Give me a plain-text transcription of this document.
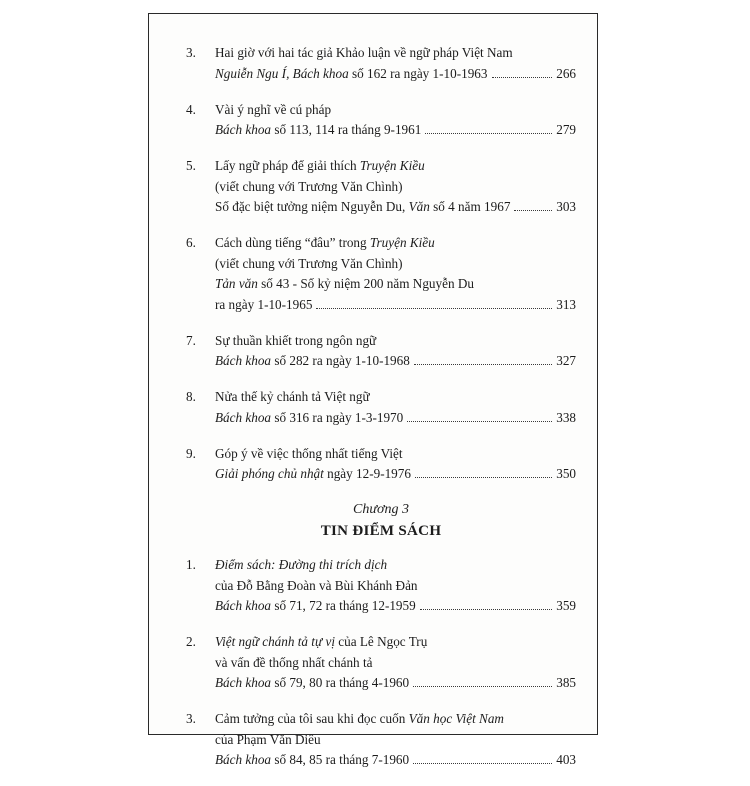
3. Hai giờ với hai tác giả Khảo luận về ngữ pháp Việt Nam
Nguiễn Ngu Í, Bách khoa số 162 ra ngày 1-10-1963	266
4. Vài ý nghĩ về cú pháp
Bách khoa số 113, 114 ra tháng 9-1961	279
5. Lấy ngữ pháp để giải thích Truyện Kiều
(viết chung với Trương Văn Chình)
Số đặc biệt tưởng niệm Nguyễn Du, Văn số 4 năm 1967	303
6. Cách dùng tiếng “đâu” trong Truyện Kiều
(viết chung với Trương Văn Chình)
Tản văn số 43 - Số kỷ niệm 200 năm Nguyễn Du
ra ngày 1-10-1965	313
7. Sự thuần khiết trong ngôn ngữ
Bách khoa số 282 ra ngày 1-10-1968	327
8. Nửa thế kỷ chánh tả Việt ngữ
Bách khoa số 316 ra ngày 1-3-1970	338
9. Góp ý về việc thống nhất tiếng Việt
Giải phóng chủ nhật ngày 12-9-1976	350
Chương 3
TIN ĐIỂM SÁCH
1. Điểm sách: Đường thi trích dịch
của Đỗ Bằng Đoàn và Bùi Khánh Đản
Bách khoa số 71, 72 ra tháng 12-1959	359
2. Việt ngữ chánh tả tự vị của Lê Ngọc Trụ
và vấn đề thống nhất chánh tả
Bách khoa số 79, 80 ra tháng 4-1960	385
3. Cảm tưởng của tôi sau khi đọc cuốn Văn học Việt Nam
của Phạm Văn Diêu
Bách khoa số 84, 85 ra tháng 7-1960	403
